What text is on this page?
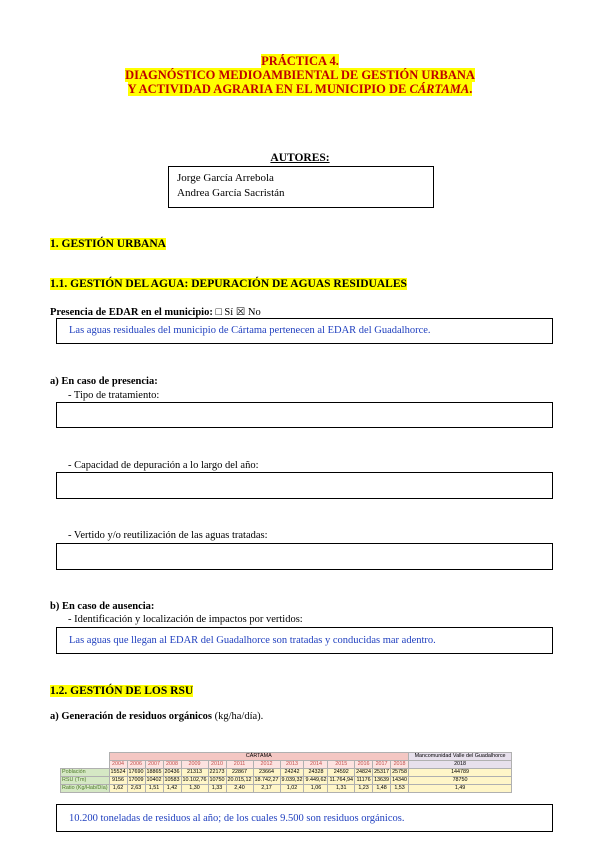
PRÁCTICA 4.
DIAGNÓSTICO MEDIOAMBIENTAL DE GESTIÓN URBANA
Y ACTIVIDAD AGRARIA EN EL MUNICIPIO DE CÁRTAMA.
AUTORES:
Jorge García Arrebola
Andrea García Sacristán
1. GESTIÓN URBANA
1.1. GESTIÓN DEL AGUA: DEPURACIÓN DE AGUAS RESIDUALES
Presencia de EDAR en el municipio: □ Sí ☒ No
Las aguas residuales del municipio de Cártama pertenecen al EDAR del Guadalhorce.
a) En caso de presencia:
- Tipo de tratamiento:
- Capacidad de depuración a lo largo del año:
- Vertido y/o reutilización de las aguas tratadas:
b) En caso de ausencia:
- Identificación y localización de impactos por vertidos:
Las aguas que llegan al EDAR del Guadalhorce son tratadas y conducidas mar adentro.
1.2. GESTIÓN DE LOS RSU
a) Generación de residuos orgánicos (kg/ha/día).
	CÁRTAMA														Mancomunidad Valle del Guadalhorce
	2004	2006	2007	2008	2009	2010	2011	2012	2013	2014	2015	2016	2017	2018	2018
Población	15524	17690	18865	20436	21313	22173	22867	23664	24242	24328	24592	24824	25317	25758	144789
RSU (Tm)	9156	17009	10402	10583	10.102,76	10750	20.015,12	18.742,27	9.039,32	9.449,62	11.764,94	11176	13639	14340	78750
Ratio (Kg/Hab/Día)	1,62	2,63	1,51	1,42	1,30	1,33	2,40	2,17	1,02	1,06	1,31	1,23	1,48	1,53	1,49
10.200 toneladas de residuos al año; de los cuales 9.500 son residuos orgánicos.
